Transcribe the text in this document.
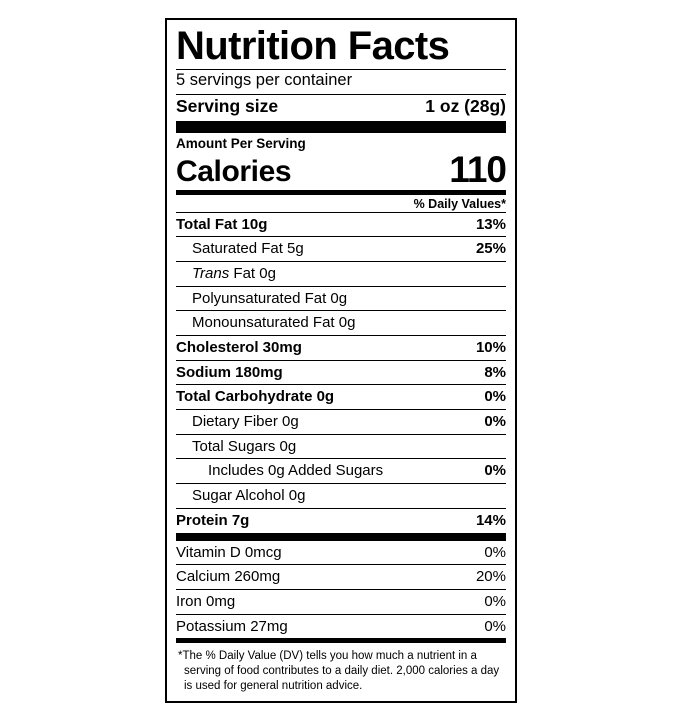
Nutrition Facts
5 servings per container
Serving size	1 oz (28g)
Amount Per Serving
Calories	110
% Daily Values*
Total Fat 10g	13%
Saturated Fat 5g	25%
Trans Fat 0g
Polyunsaturated Fat 0g
Monounsaturated Fat 0g
Cholesterol 30mg	10%
Sodium 180mg	8%
Total Carbohydrate 0g	0%
Dietary Fiber 0g	0%
Total Sugars 0g
Includes 0g Added Sugars	0%
Sugar Alcohol 0g
Protein 7g	14%
Vitamin D 0mcg	0%
Calcium 260mg	20%
Iron 0mg	0%
Potassium 27mg	0%
*The % Daily Value (DV) tells you how much a nutrient in a serving of food contributes to a daily diet. 2,000 calories a day is used for general nutrition advice.
